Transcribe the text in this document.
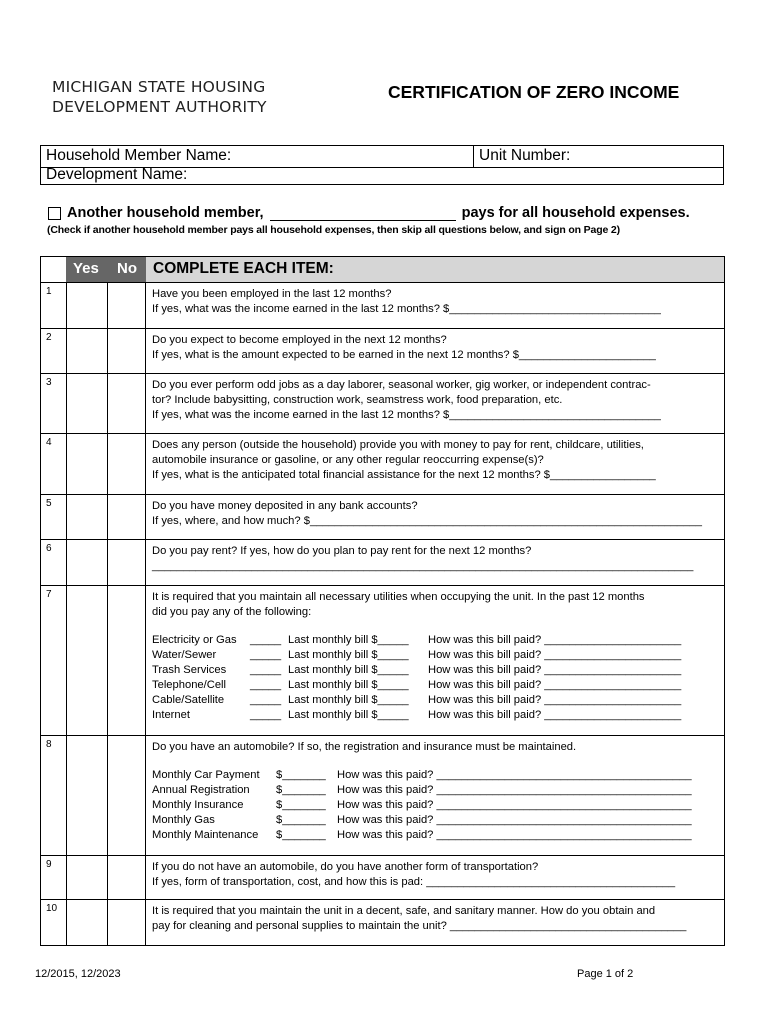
MICHIGAN STATE HOUSING
DEVELOPMENT AUTHORITY
CERTIFICATION OF ZERO INCOME
Household Member Name:	Unit Number:
Development Name:
Another household member,	pays for all household expenses.
(Check if another household member pays all household expenses, then skip all questions below, and sign on Page 2)
Yes No COMPLETE EACH ITEM:
1	Have you been employed in the last 12 months?
If yes, what was the income earned in the last 12 months? $__________________________________
2	Do you expect to become employed in the next 12 months?
If yes, what is the amount expected to be earned in the next 12 months? $______________________
3	Do you ever perform odd jobs as a day laborer, seasonal worker, gig worker, or independent contrac-
tor? Include babysitting, construction work, seamstress work, food preparation, etc.
If yes, what was the income earned in the last 12 months? $__________________________________
4	Does any person (outside the household) provide you with money to pay for rent, childcare, utilities,
automobile insurance or gasoline, or any other regular reoccurring expense(s)?
If yes, what is the anticipated total financial assistance for the next 12 months? $_________________
5	Do you have money deposited in any bank accounts?
If yes, where, and how much? $_______________________________________________________________
6	Do you pay rent? If yes, how do you plan to pay rent for the next 12 months?
_______________________________________________________________________________________
7	It is required that you maintain all necessary utilities when occupying the unit. In the past 12 months
did you pay any of the following:
Electricity or Gas	_____ Last monthly bill $_____	How was this bill paid? ______________________
Water/Sewer	_____ Last monthly bill $_____	How was this bill paid? ______________________
Trash Services	_____ Last monthly bill $_____	How was this bill paid? ______________________
Telephone/Cell	_____ Last monthly bill $_____	How was this bill paid? ______________________
Cable/Satellite	_____ Last monthly bill $_____	How was this bill paid? ______________________
Internet	_____ Last monthly bill $_____	How was this bill paid? ______________________
8	Do you have an automobile? If so, the registration and insurance must be maintained.
Monthly Car Payment	$_______	How was this paid? _________________________________________
Annual Registration	$_______	How was this paid? _________________________________________
Monthly Insurance	$_______	How was this paid? _________________________________________
Monthly Gas	$_______	How was this paid? _________________________________________
Monthly Maintenance	$_______	How was this paid? _________________________________________
9	If you do not have an automobile, do you have another form of transportation?
If yes, form of transportation, cost, and how this is pad: ________________________________________
10	It is required that you maintain the unit in a decent, safe, and sanitary manner. How do you obtain and
pay for cleaning and personal supplies to maintain the unit? ______________________________________
12/2015, 12/2023	Page 1 of 2
